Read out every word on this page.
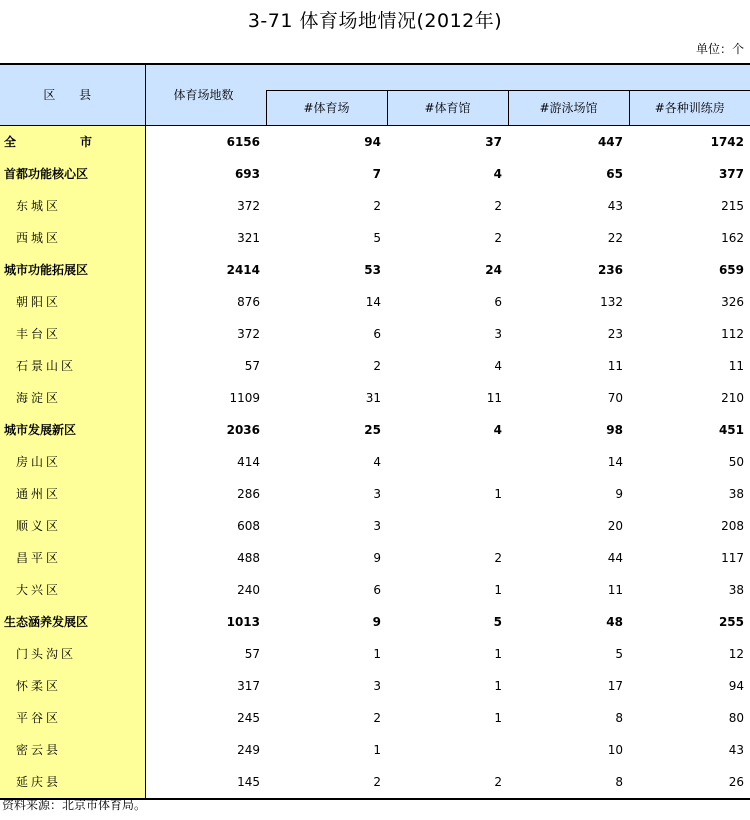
3-71 体育场地情况(2012年)
单位：个
区 县	体育场地数				
		#体育场	#体育馆	#游泳场馆	#各种训练房
全　市	6156	94	37	447	1742
首都功能核心区	693	7	4	65	377
东城区	372	2	2	43	215
西城区	321	5	2	22	162
城市功能拓展区	2414	53	24	236	659
朝阳区	876	14	6	132	326
丰台区	372	6	3	23	112
石景山区	57	2	4	11	11
海淀区	1109	31	11	70	210
城市发展新区	2036	25	4	98	451
房山区	414	4		14	50
通州区	286	3	1	9	38
顺义区	608	3		20	208
昌平区	488	9	2	44	117
大兴区	240	6	1	11	38
生态涵养发展区	1013	9	5	48	255
门头沟区	57	1	1	5	12
怀柔区	317	3	1	17	94
平谷区	245	2	1	8	80
密云县	249	1		10	43
延庆县	145	2	2	8	26
资料来源：北京市体育局。
